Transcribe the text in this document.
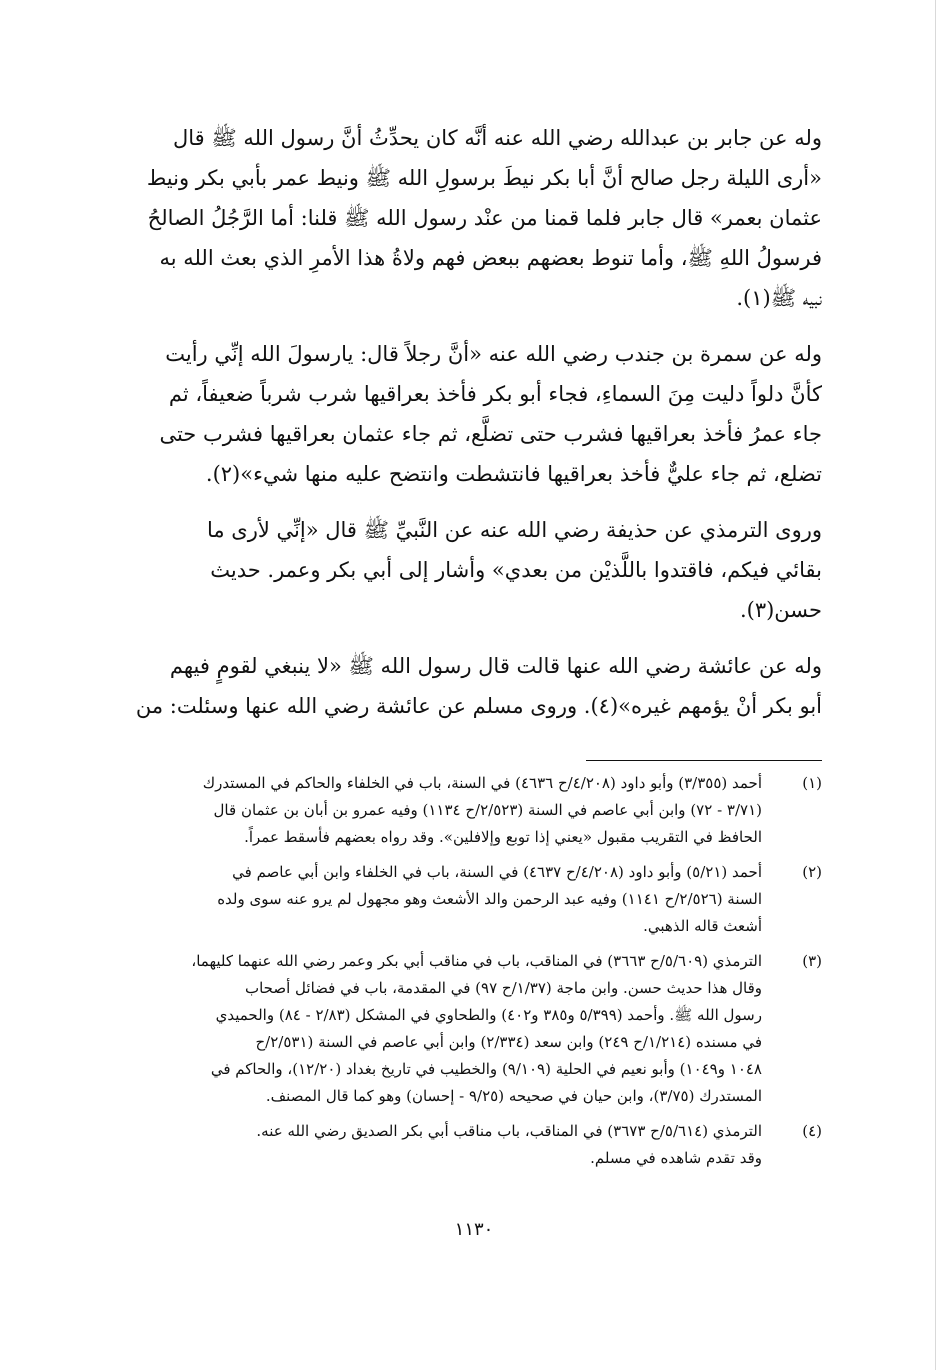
وله عن جابر بن عبدالله رضي الله عنه أنَّه كان يحدِّثُ أنَّ رسول الله ﷺ قال
«أرى الليلة رجل صالح أنَّ أبا بكر نيطَ برسولِ الله ﷺ ونيط عمر بأبي بكر ونيط
عثمان بعمر» قال جابر فلما قمنا من عنْد رسول الله ﷺ قلنا: أما الرَّجُلُ الصالحُ
فرسولُ اللهِ ﷺ، وأما تنوط بعضهم ببعض فهم ولاةُ هذا الأمرِ الذي بعث الله به
نبيه ﷺ(١).

وله عن سمرة بن جندب رضي الله عنه «أنَّ رجلاً قال: يارسولَ الله إنِّي رأيت
كأنَّ دلواً دليت مِنَ السماءِ، فجاء أبو بكر فأخذ بعراقيها شرب شرباً ضعيفاً، ثم
جاء عمرُ فأخذ بعراقيها فشرب حتى تضلَّع، ثم جاء عثمان بعراقيها فشرب حتى
تضلع، ثم جاء عليٌّ فأخذ بعراقيها فانتشطت وانتضح عليه منها شيء»(٢).

وروى الترمذي عن حذيفة رضي الله عنه عن النَّبيِّ ﷺ قال «إنِّي لأرى ما
بقائي فيكم، فاقتدوا باللَّذيْن من بعدي» وأشار إلى أبي بكر وعمر. حديث
حسن(٣).

وله عن عائشة رضي الله عنها قالت قال رسول الله ﷺ «لا ينبغي لقومٍ فيهم
أبو بكر أنْ يؤمهم غيره»(٤). وروى مسلم عن عائشة رضي الله عنها وسئلت: من

(١)
أحمد (٣/٣٥٥) وأبو داود (٤/٢٠٨/ح ٤٦٣٦) في السنة، باب في الخلفاء والحاكم في المستدرك
(٣/٧١ - ٧٢) وابن أبي عاصم في السنة (٢/٥٢٣/ح ١١٣٤) وفيه عمرو بن أبان بن عثمان قال
الحافظ في التقريب مقبول «يعني إذا توبع وإلافلين». وقد رواه بعضهم فأسقط عمراً.
(٢)
أحمد (٥/٢١) وأبو داود (٤/٢٠٨/ح ٤٦٣٧) في السنة، باب في الخلفاء وابن أبي عاصم في
السنة (٢/٥٢٦/ح ١١٤١) وفيه عبد الرحمن والد الأشعث وهو مجهول لم يرو عنه سوى ولده
أشعث قاله الذهبي.
(٣)
الترمذي (٥/٦٠٩/ح ٣٦٦٣) في المناقب، باب في مناقب أبي بكر وعمر رضي الله عنهما كليهما،
وقال هذا حديث حسن. وابن ماجة (١/٣٧/ح ٩٧) في المقدمة، باب في فضائل أصحاب
رسول الله ﷺ. وأحمد (٥/٣٩٩ و٣٨٥ و٤٠٢) والطحاوي في المشكل (٢/٨٣ - ٨٤) والحميدي
في مسنده (١/٢١٤/ح ٢٤٩) وابن سعد (٢/٣٣٤) وابن أبي عاصم في السنة (٢/٥٣١/ح
١٠٤٨ و١٠٤٩) وأبو نعيم في الحلية (٩/١٠٩) والخطيب في تاريخ بغداد (١٢/٢٠)، والحاكم في
المستدرك (٣/٧٥)، وابن حيان في صحيحه (٩/٢٥ - إحسان) وهو كما قال المصنف.
(٤)
الترمذي (٥/٦١٤/ح ٣٦٧٣) في المناقب، باب مناقب أبي بكر الصديق رضي الله عنه.
وقد تقدم شاهده في مسلم.
١١٣٠
